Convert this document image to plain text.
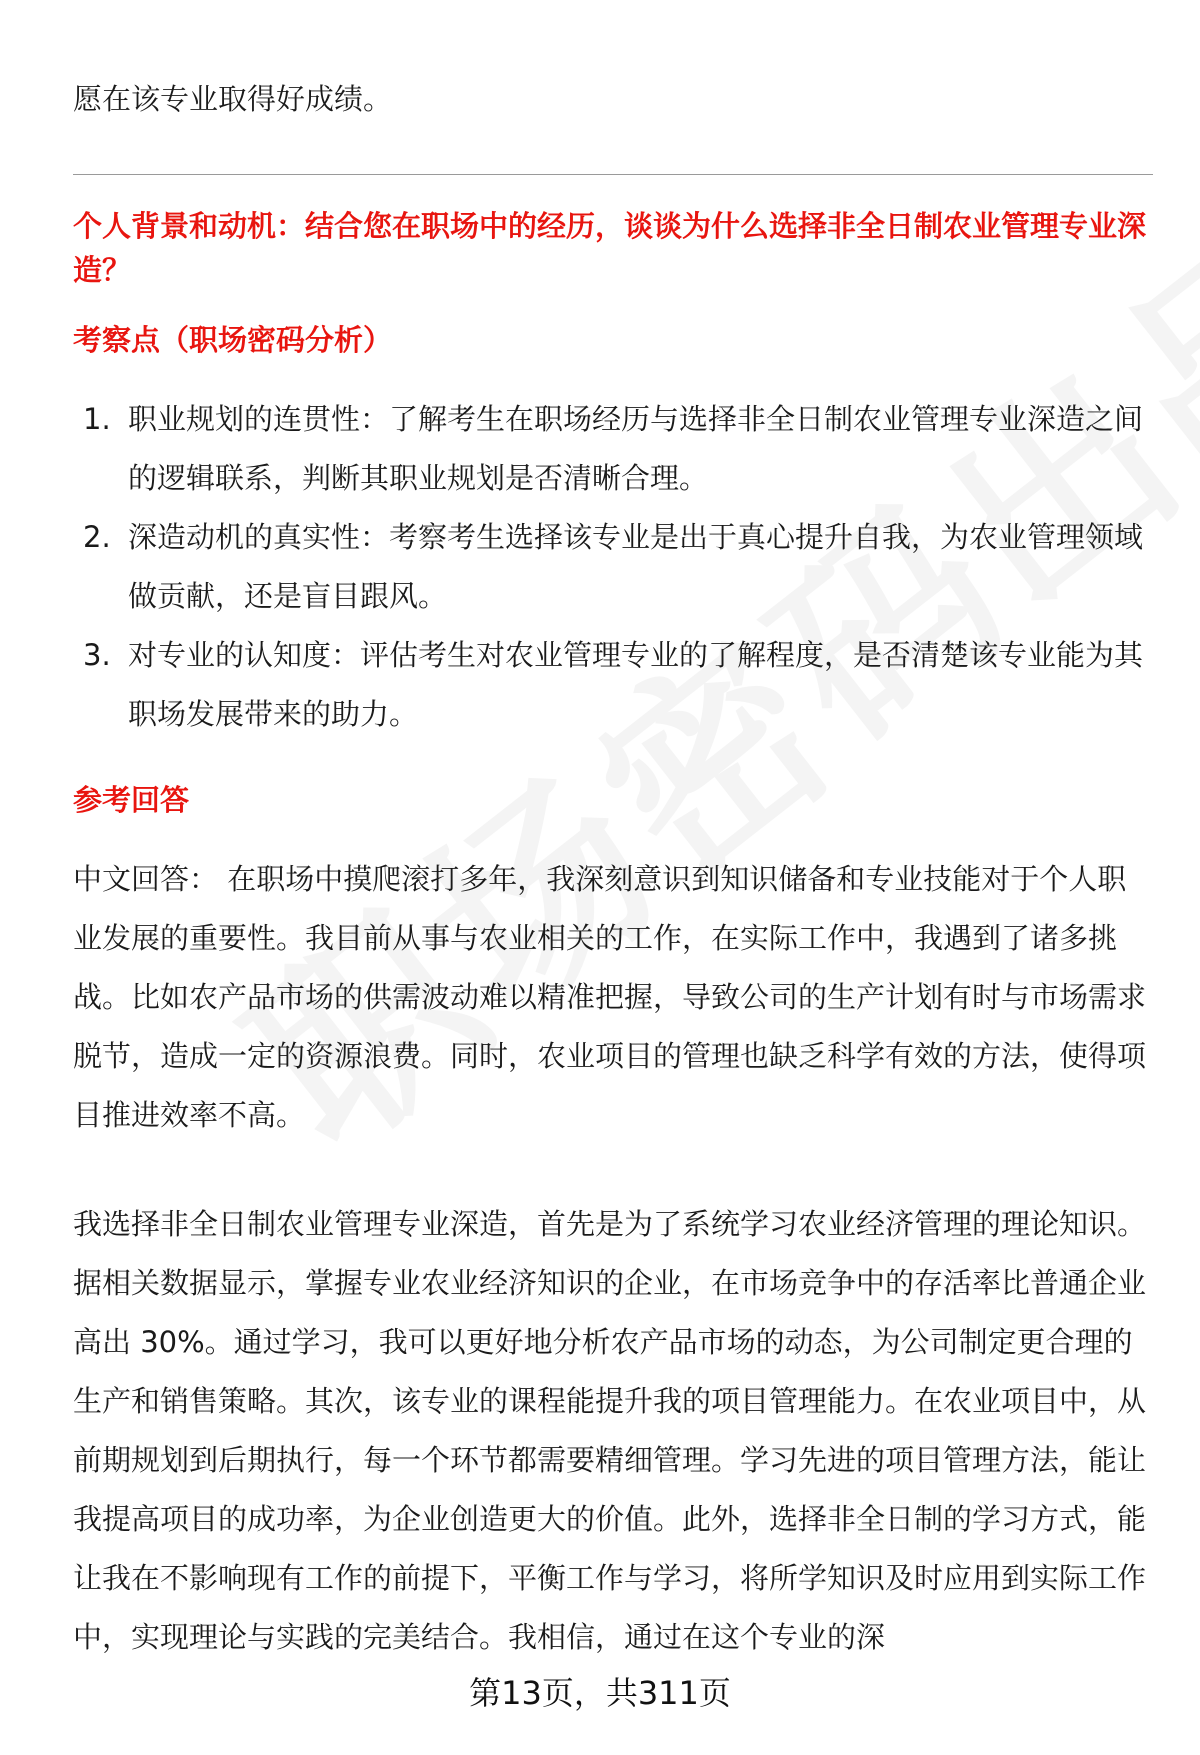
愿在该专业取得好成绩。
个人背景和动机：结合您在职场中的经历，谈谈为什么选择非全日制农业管理专业深造？
考察点（职场密码分析）
1. 职业规划的连贯性：了解考生在职场经历与选择非全日制农业管理专业深造之间的逻辑联系，判断其职业规划是否清晰合理。
2. 深造动机的真实性：考察考生选择该专业是出于真心提升自我，为农业管理领域做贡献，还是盲目跟风。
3. 对专业的认知度：评估考生对农业管理专业的了解程度，是否清楚该专业能为其职场发展带来的助力。
参考回答
中文回答： 在职场中摸爬滚打多年，我深刻意识到知识储备和专业技能对于个人职业发展的重要性。我目前从事与农业相关的工作，在实际工作中，我遇到了诸多挑战。比如农产品市场的供需波动难以精准把握，导致公司的生产计划有时与市场需求脱节，造成一定的资源浪费。同时，农业项目的管理也缺乏科学有效的方法，使得项目推进效率不高。
我选择非全日制农业管理专业深造，首先是为了系统学习农业经济管理的理论知识。据相关数据显示，掌握专业农业经济知识的企业，在市场竞争中的存活率比普通企业高出 30%。通过学习，我可以更好地分析农产品市场的动态，为公司制定更合理的生产和销售策略。其次，该专业的课程能提升我的项目管理能力。在农业项目中，从前期规划到后期执行，每一个环节都需要精细管理。学习先进的项目管理方法，能让我提高项目的成功率，为企业创造更大的价值。此外，选择非全日制的学习方式，能让我在不影响现有工作的前提下，平衡工作与学习，将所学知识及时应用到实际工作中，实现理论与实践的完美结合。我相信，通过在这个专业的深
第13页，共311页
